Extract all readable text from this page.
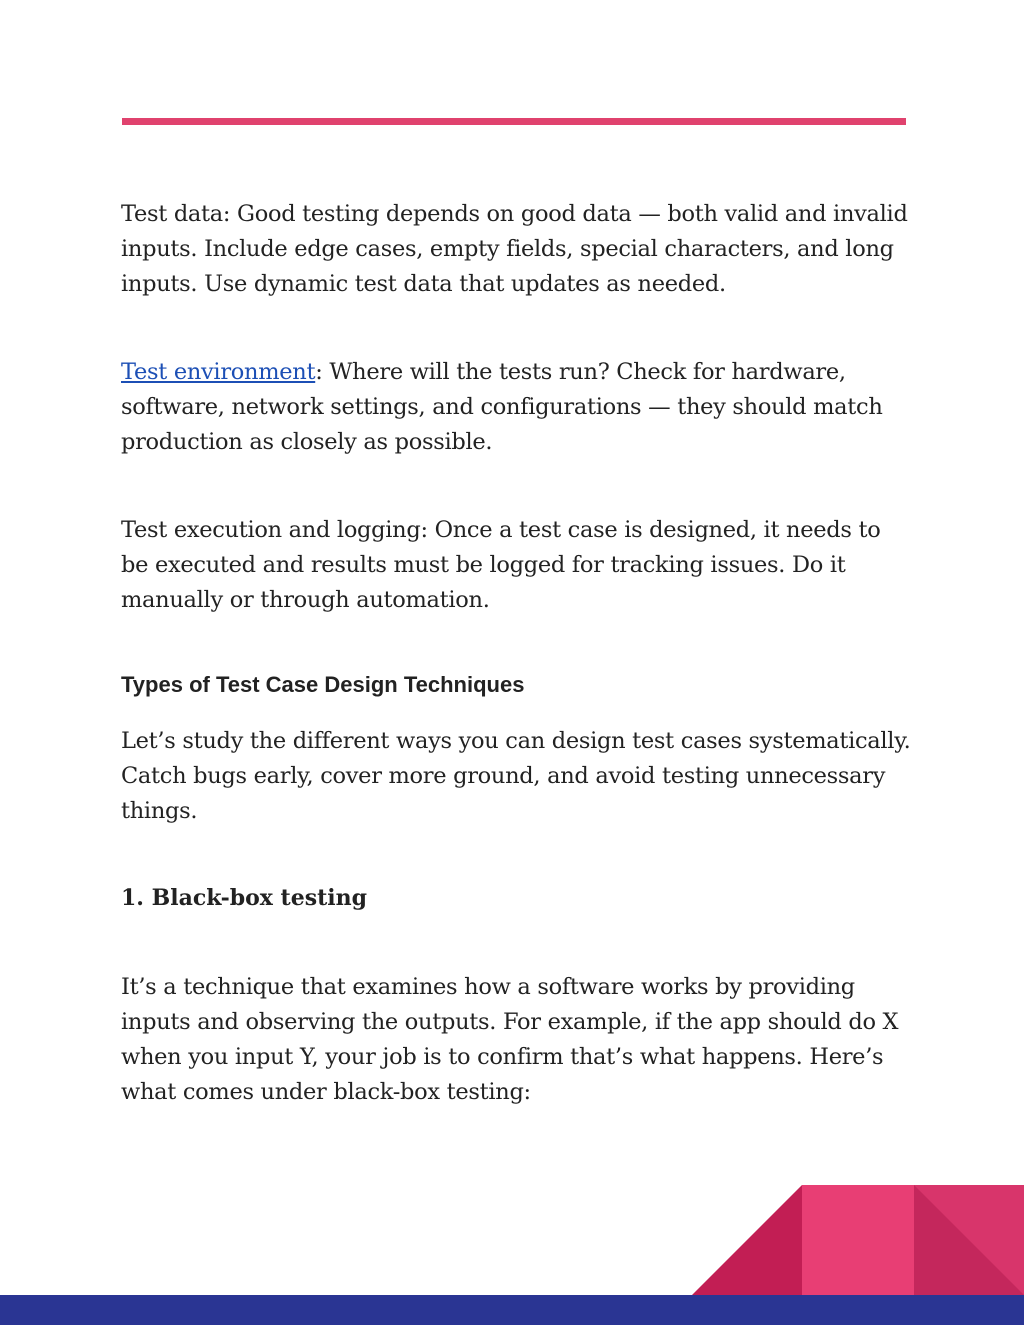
Test data: Good testing depends on good data — both valid and invalid inputs. Include edge cases, empty fields, special characters, and long inputs. Use dynamic test data that updates as needed.

Test environment: Where will the tests run? Check for hardware, software, network settings, and configurations — they should match production as closely as possible.

Test execution and logging: Once a test case is designed, it needs to be executed and results must be logged for tracking issues. Do it manually or through automation.

Types of Test Case Design Techniques

Let’s study the different ways you can design test cases systematically. Catch bugs early, cover more ground, and avoid testing unnecessary things.

1. Black-box testing

It’s a technique that examines how a software works by providing inputs and observing the outputs. For example, if the app should do X when you input Y, your job is to confirm that’s what happens. Here’s what comes under black-box testing:
